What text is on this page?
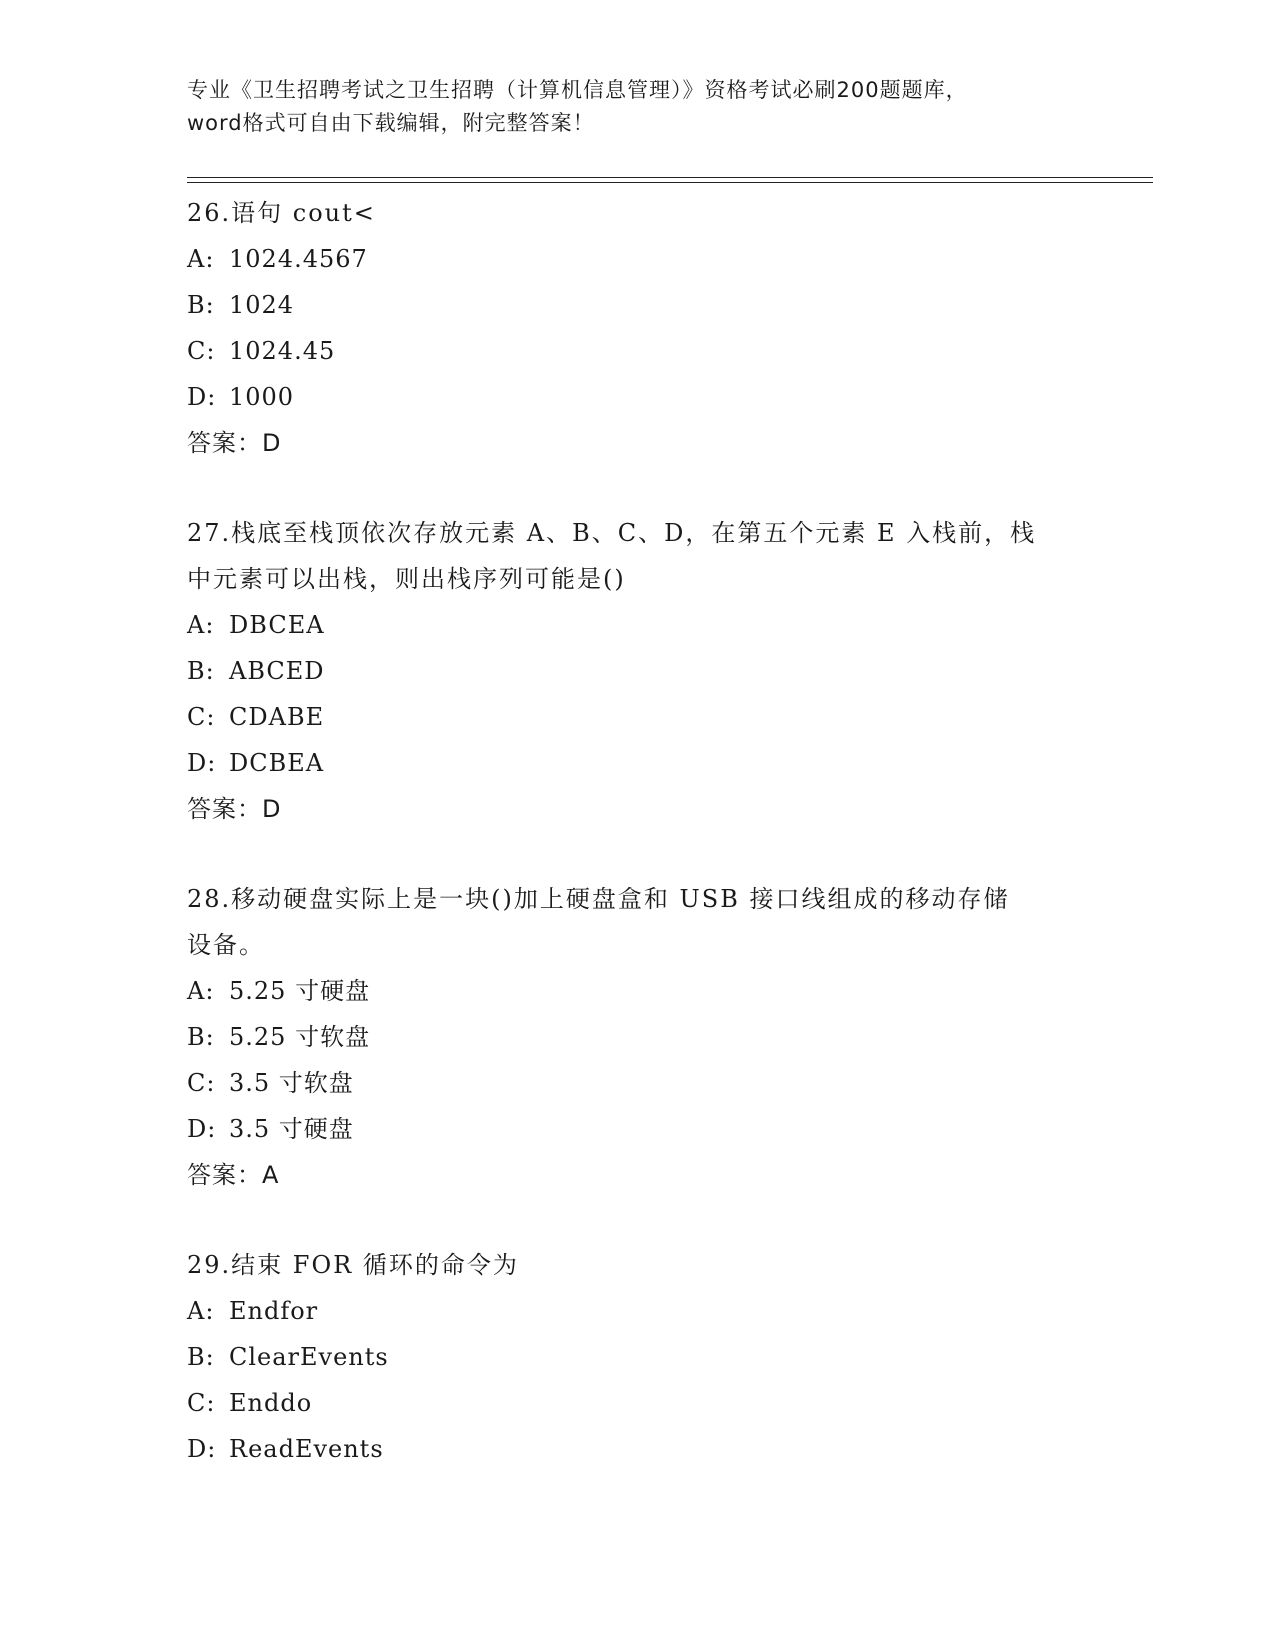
专业《卫生招聘考试之卫生招聘（计算机信息管理）》资格考试必刷200题题库，
word格式可自由下载编辑，附完整答案！
26.语句 cout<
A: 1024.4567
B: 1024
C: 1024.45
D: 1000
答案：D
27.栈底至栈顶依次存放元素 A、B、C、D，在第五个元素 E 入栈前，栈
中元素可以出栈，则出栈序列可能是()
A: DBCEA
B: ABCED
C: CDABE
D: DCBEA
答案：D
28.移动硬盘实际上是一块()加上硬盘盒和 USB 接口线组成的移动存储
设备。
A: 5.25 寸硬盘
B: 5.25 寸软盘
C: 3.5 寸软盘
D: 3.5 寸硬盘
答案：A
29.结束 FOR 循环的命令为
A: Endfor
B: ClearEvents
C: Enddo
D: ReadEvents
